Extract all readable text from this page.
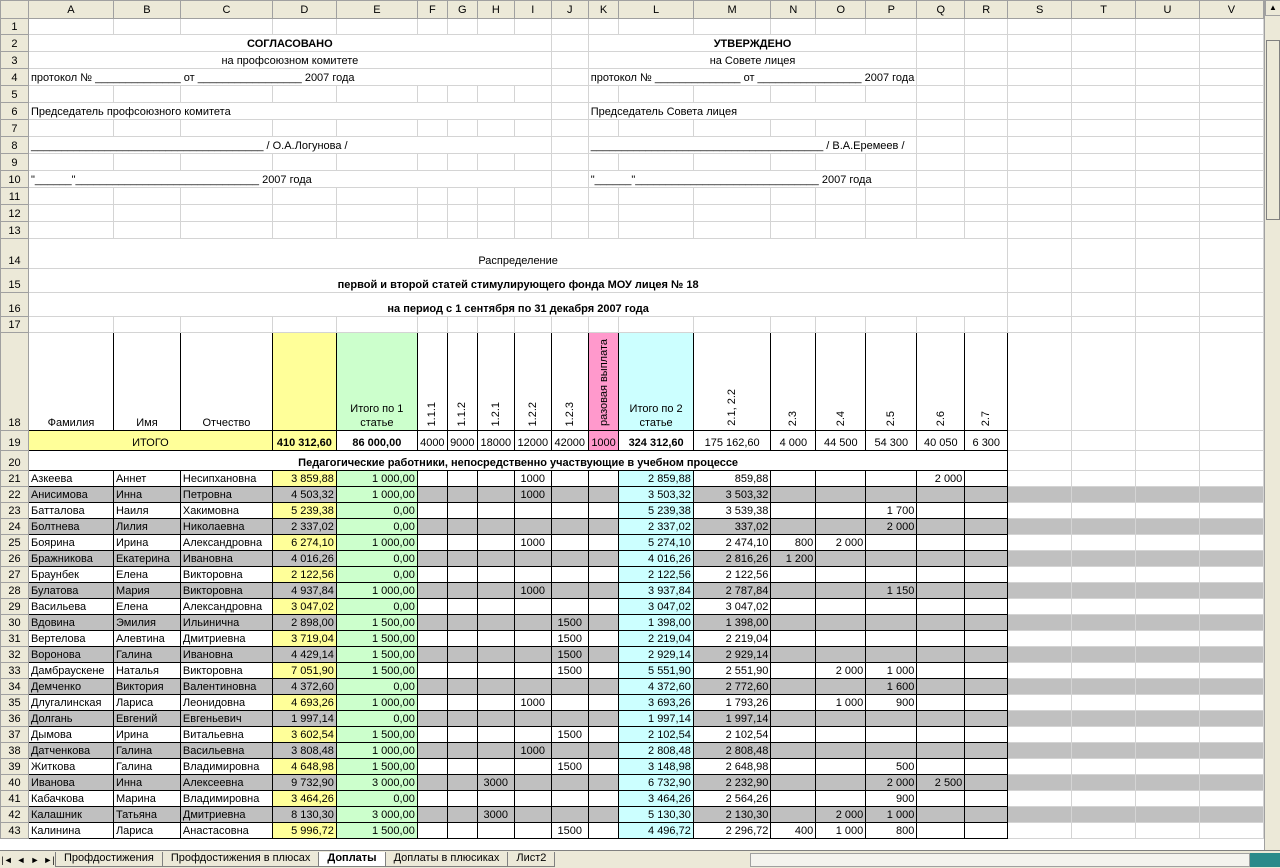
	A	B	C	D	E	F	G	H	I	J	K	L	M	N	O	P	Q	R	S	T	U	V
1																						
2	СОГЛАСОВАНО										УТВЕРЖДЕНО											
3	на профсоюзном комитете										на Совете лицея											
4	протокол № ______________ от _________________ 2007 года										протокол № ______________ от _________________ 2007 года											
5																						
6	Председатель профсоюзного комитета										Председатель Совета лицея											
7																						
8	______________________________________ / О.А.Логунова /										______________________________________ / В.А.Еремеев /											
9																						
10	"______"______________________________ 2007 года										"______"______________________________ 2007 года											
11																						
12																						
13																						
14	Распределение																					
15	первой и второй статей стимулирующего фонда МОУ лицея № 18																					
16	на период с 1 сентября по 31 декабря 2007 года																					
17																						
18	Фамилия	Имя	Отчество		Итого по 1 статье	1.1.1	1.1.2	1.2.1	1.2.2	1.2.3	разовая выплата	Итого по 2 статье	2.1, 2.2	2.3	2.4	2.5	2.6	2.7				
19	ИТОГО			410 312,60	86 000,00	4000	9000	18000	12000	42000	1000	324 312,60	175 162,60	4 000	44 500	54 300	40 050	6 300				
20	Педагогические работники, непосредственно участвующие в учебном процессе																					
21	Азкеева	Аннет	Несипхановна	3 859,88	1 000,00				1000			2 859,88	859,88				2 000					
22	Анисимова	Инна	Петровна	4 503,32	1 000,00				1000			3 503,32	3 503,32									
23	Батталова	Наиля	Хакимовна	5 239,38	0,00							5 239,38	3 539,38			1 700						
24	Болтнева	Лилия	Николаевна	2 337,02	0,00							2 337,02	337,02			2 000						
25	Боярина	Ирина	Александровна	6 274,10	1 000,00				1000			5 274,10	2 474,10	800	2 000							
26	Бражникова	Екатерина	Ивановна	4 016,26	0,00							4 016,26	2 816,26	1 200								
27	Браунбек	Елена	Викторовна	2 122,56	0,00							2 122,56	2 122,56									
28	Булатова	Мария	Викторовна	4 937,84	1 000,00				1000			3 937,84	2 787,84			1 150						
29	Васильева	Елена	Александровна	3 047,02	0,00							3 047,02	3 047,02									
30	Вдовина	Эмилия	Ильиничнa	2 898,00	1 500,00					1500		1 398,00	1 398,00									
31	Вертелова	Алевтина	Дмитриевна	3 719,04	1 500,00					1500		2 219,04	2 219,04									
32	Воронова	Галина	Ивановна	4 429,14	1 500,00					1500		2 929,14	2 929,14									
33	Дамбраускене	Наталья	Викторовна	7 051,90	1 500,00					1500		5 551,90	2 551,90		2 000	1 000						
34	Демченко	Виктория	Валентиновна	4 372,60	0,00							4 372,60	2 772,60			1 600						
35	Длугалинская	Лариса	Леонидовна	4 693,26	1 000,00				1000			3 693,26	1 793,26		1 000	900						
36	Долгань	Евгений	Евгеньевич	1 997,14	0,00							1 997,14	1 997,14									
37	Дымова	Ирина	Витальевна	3 602,54	1 500,00					1500		2 102,54	2 102,54									
38	Датченкова	Галина	Васильевна	3 808,48	1 000,00				1000			2 808,48	2 808,48									
39	Житкова	Галина	Владимировна	4 648,98	1 500,00					1500		3 148,98	2 648,98			500						
40	Иванова	Инна	Алексеевна	9 732,90	3 000,00			3000				6 732,90	2 232,90			2 000	2 500					
41	Кабачкова	Марина	Владимировна	3 464,26	0,00							3 464,26	2 564,26			900						
42	Калашник	Татьяна	Дмитриевна	8 130,30	3 000,00			3000				5 130,30	2 130,30		2 000	1 000						
43	Калинина	Лариса	Анастасовна	5 996,72	1 500,00					1500		4 496,72	2 296,72	400	1 000	800						
▲
|◄ ◄ ► ►| Профдостижения	Профдостижения в плюсах	Доплаты	Доплаты в плюсиках	Лист2
